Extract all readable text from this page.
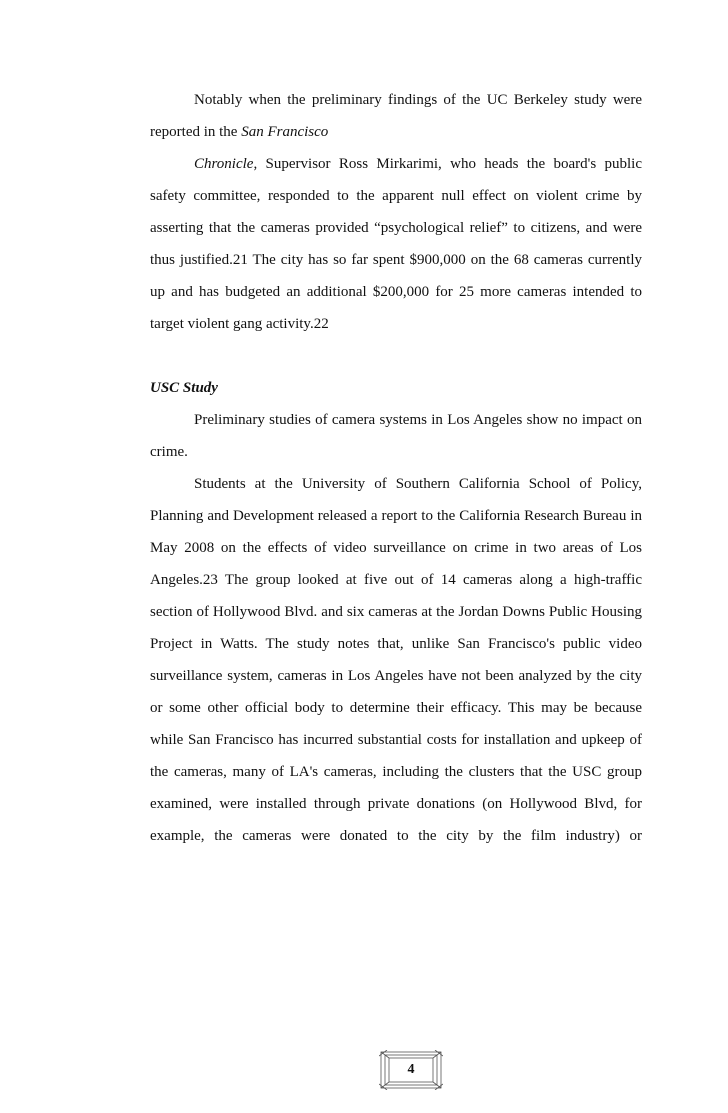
Notably when the preliminary findings of the UC Berkeley study were reported in the San Francisco

Chronicle, Supervisor Ross Mirkarimi, who heads the board's public safety committee, responded to the apparent null effect on violent crime by asserting that the cameras provided “psychological relief” to citizens, and were thus justified.21 The city has so far spent $900,000 on the 68 cameras currently up and has budgeted an additional $200,000 for 25 more cameras intended to target violent gang activity.22

USC Study

Preliminary studies of camera systems in Los Angeles show no impact on crime.

Students at the University of Southern California School of Policy, Planning and Development released a report to the California Research Bureau in May 2008 on the effects of video surveillance on crime in two areas of Los Angeles.23 The group looked at five out of 14 cameras along a high-traffic section of Hollywood Blvd. and six cameras at the Jordan Downs Public Housing Project in Watts. The study notes that, unlike San Francisco's public video surveillance system, cameras in Los Angeles have not been analyzed by the city or some other official body to determine their efficacy. This may be because while San Francisco has incurred substantial costs for installation and upkeep of the cameras, many of LA's cameras, including the clusters that the USC group examined, were installed through private donations (on Hollywood Blvd, for example, the cameras were donated to the city by the film industry) or

4
